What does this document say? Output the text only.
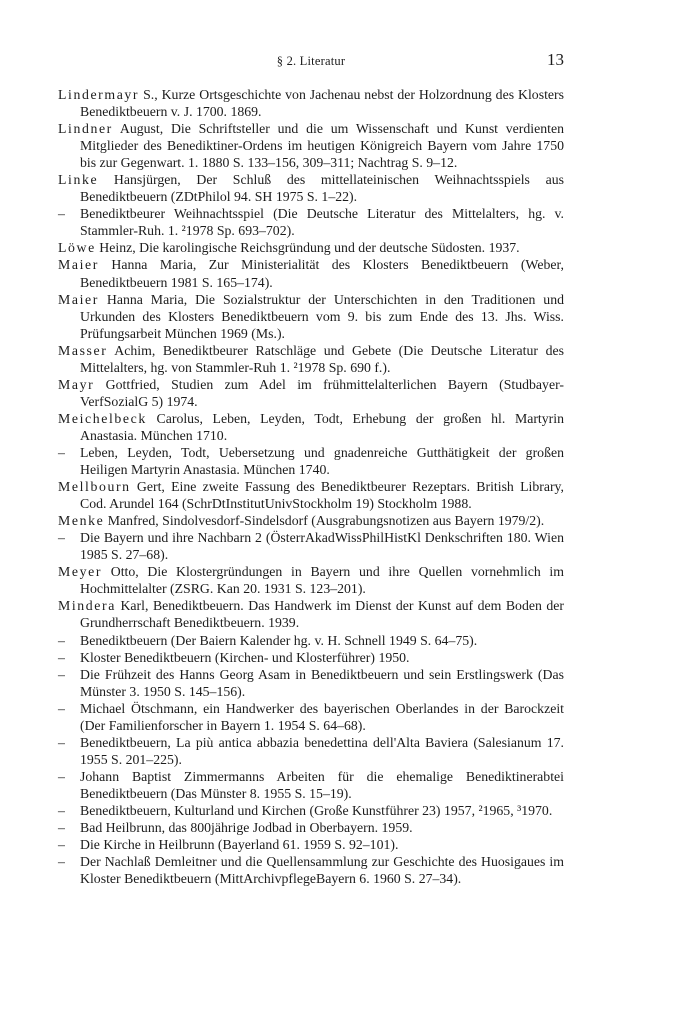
§ 2. Literatur	13
Lindermayr S., Kurze Ortsgeschichte von Jachenau nebst der Holzordnung des Klosters Benediktbeuern v. J. 1700. 1869.
Lindner August, Die Schriftsteller und die um Wissenschaft und Kunst verdienten Mitglieder des Benediktiner-Ordens im heutigen Königreich Bayern vom Jahre 1750 bis zur Gegenwart. 1. 1880 S. 133–156, 309–311; Nachtrag S. 9–12.
Linke Hansjürgen, Der Schluß des mittellateinischen Weihnachtsspiels aus Benediktbeuern (ZDtPhilol 94. SH 1975 S. 1–22).
– Benediktbeurer Weihnachtsspiel (Die Deutsche Literatur des Mittelalters, hg. v. Stammler-Ruh. 1. ²1978 Sp. 693–702).
Löwe Heinz, Die karolingische Reichsgründung und der deutsche Südosten. 1937.
Maier Hanna Maria, Zur Ministerialität des Klosters Benediktbeuern (Weber, Benediktbeuern 1981 S. 165–174).
Maier Hanna Maria, Die Sozialstruktur der Unterschichten in den Traditionen und Urkunden des Klosters Benediktbeuern vom 9. bis zum Ende des 13. Jhs. Wiss. Prüfungsarbeit München 1969 (Ms.).
Masser Achim, Benediktbeurer Ratschläge und Gebete (Die Deutsche Literatur des Mittelalters, hg. von Stammler-Ruh 1. ²1978 Sp. 690 f.).
Mayr Gottfried, Studien zum Adel im frühmittelalterlichen Bayern (Studbayer-VerfSozialG 5) 1974.
Meichelbeck Carolus, Leben, Leyden, Todt, Erhebung der großen hl. Martyrin Anastasia. München 1710.
– Leben, Leyden, Todt, Uebersetzung und gnadenreiche Gutthätigkeit der großen Heiligen Martyrin Anastasia. München 1740.
Mellbourn Gert, Eine zweite Fassung des Benediktbeurer Rezeptars. British Library, Cod. Arundel 164 (SchrDtInstitutUnivStockholm 19) Stockholm 1988.
Menke Manfred, Sindolvesdorf-Sindelsdorf (Ausgrabungsnotizen aus Bayern 1979/2).
– Die Bayern und ihre Nachbarn 2 (ÖsterrAkadWissPhilHistKl Denkschriften 180. Wien 1985 S. 27–68).
Meyer Otto, Die Klostergründungen in Bayern und ihre Quellen vornehmlich im Hochmittelalter (ZSRG. Kan 20. 1931 S. 123–201).
Mindera Karl, Benediktbeuern. Das Handwerk im Dienst der Kunst auf dem Boden der Grundherrschaft Benediktbeuern. 1939.
– Benediktbeuern (Der Baiern Kalender hg. v. H. Schnell 1949 S. 64–75).
– Kloster Benediktbeuern (Kirchen- und Klosterführer) 1950.
– Die Frühzeit des Hanns Georg Asam in Benediktbeuern und sein Erstlingswerk (Das Münster 3. 1950 S. 145–156).
– Michael Ötschmann, ein Handwerker des bayerischen Oberlandes in der Barockzeit (Der Familienforscher in Bayern 1. 1954 S. 64–68).
– Benediktbeuern, La più antica abbazia benedettina dell'Alta Baviera (Salesianum 17. 1955 S. 201–225).
– Johann Baptist Zimmermanns Arbeiten für die ehemalige Benediktinerabtei Benediktbeuern (Das Münster 8. 1955 S. 15–19).
– Benediktbeuern, Kulturland und Kirchen (Große Kunstführer 23) 1957, ²1965, ³1970.
– Bad Heilbrunn, das 800jährige Jodbad in Oberbayern. 1959.
– Die Kirche in Heilbrunn (Bayerland 61. 1959 S. 92–101).
– Der Nachlaß Demleitner und die Quellensammlung zur Geschichte des Huosigaues im Kloster Benediktbeuern (MittArchivpflegeBayern 6. 1960 S. 27–34).
